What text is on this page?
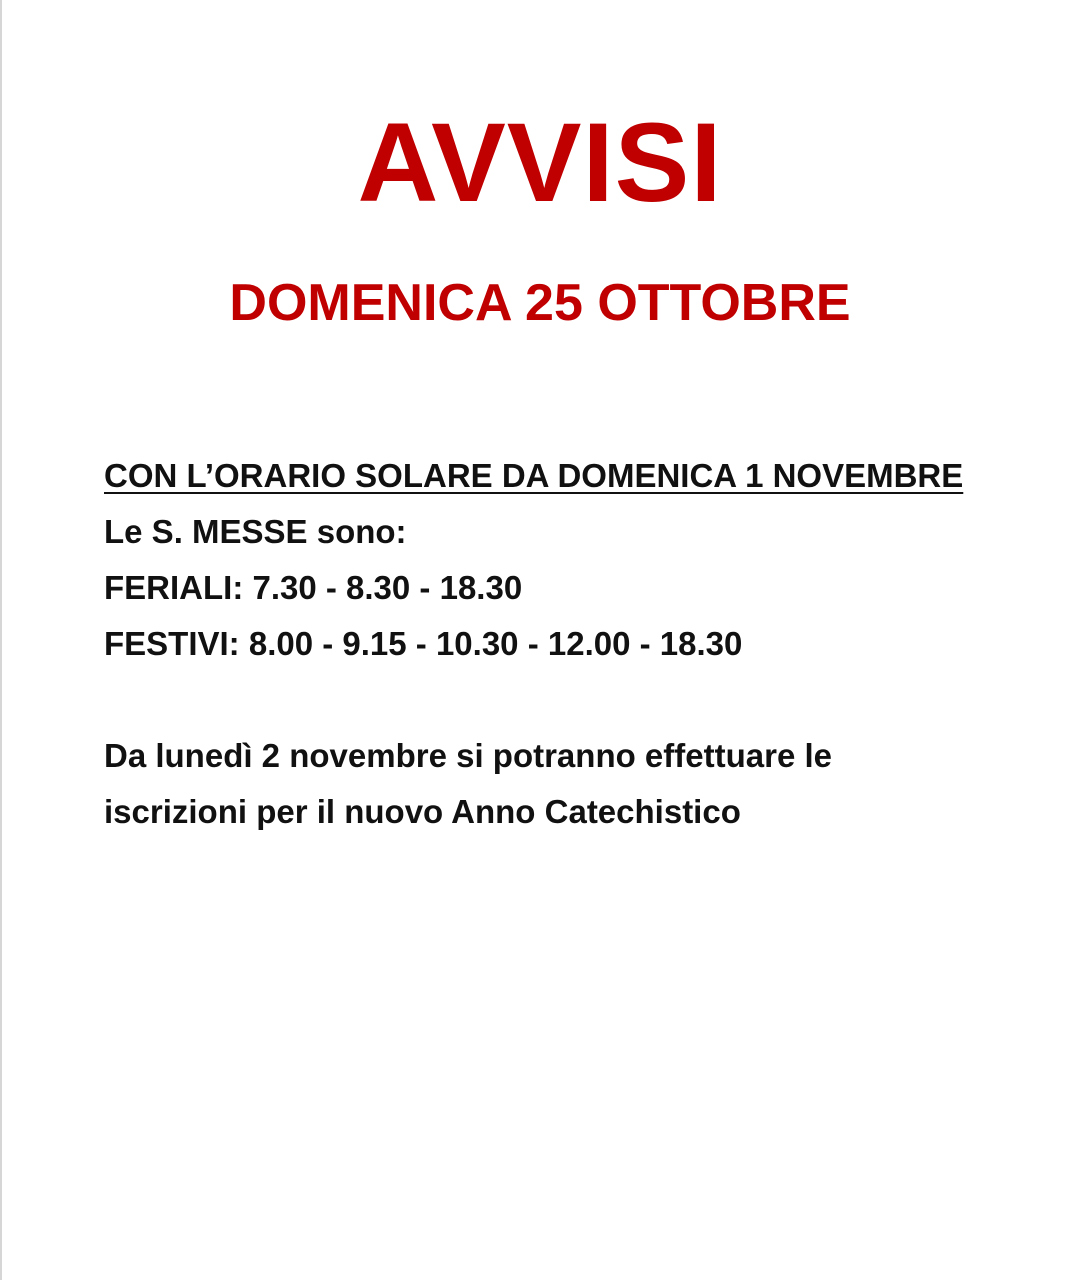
AVVISI
DOMENICA 25 OTTOBRE
CON L’ORARIO SOLARE DA DOMENICA 1 NOVEMBRE
Le S. MESSE sono:
FERIALI: 7.30 - 8.30 - 18.30
FESTIVI: 8.00 - 9.15 - 10.30 - 12.00 - 18.30
Da lunedì 2 novembre si potranno effettuare le
iscrizioni per il nuovo Anno Catechistico
